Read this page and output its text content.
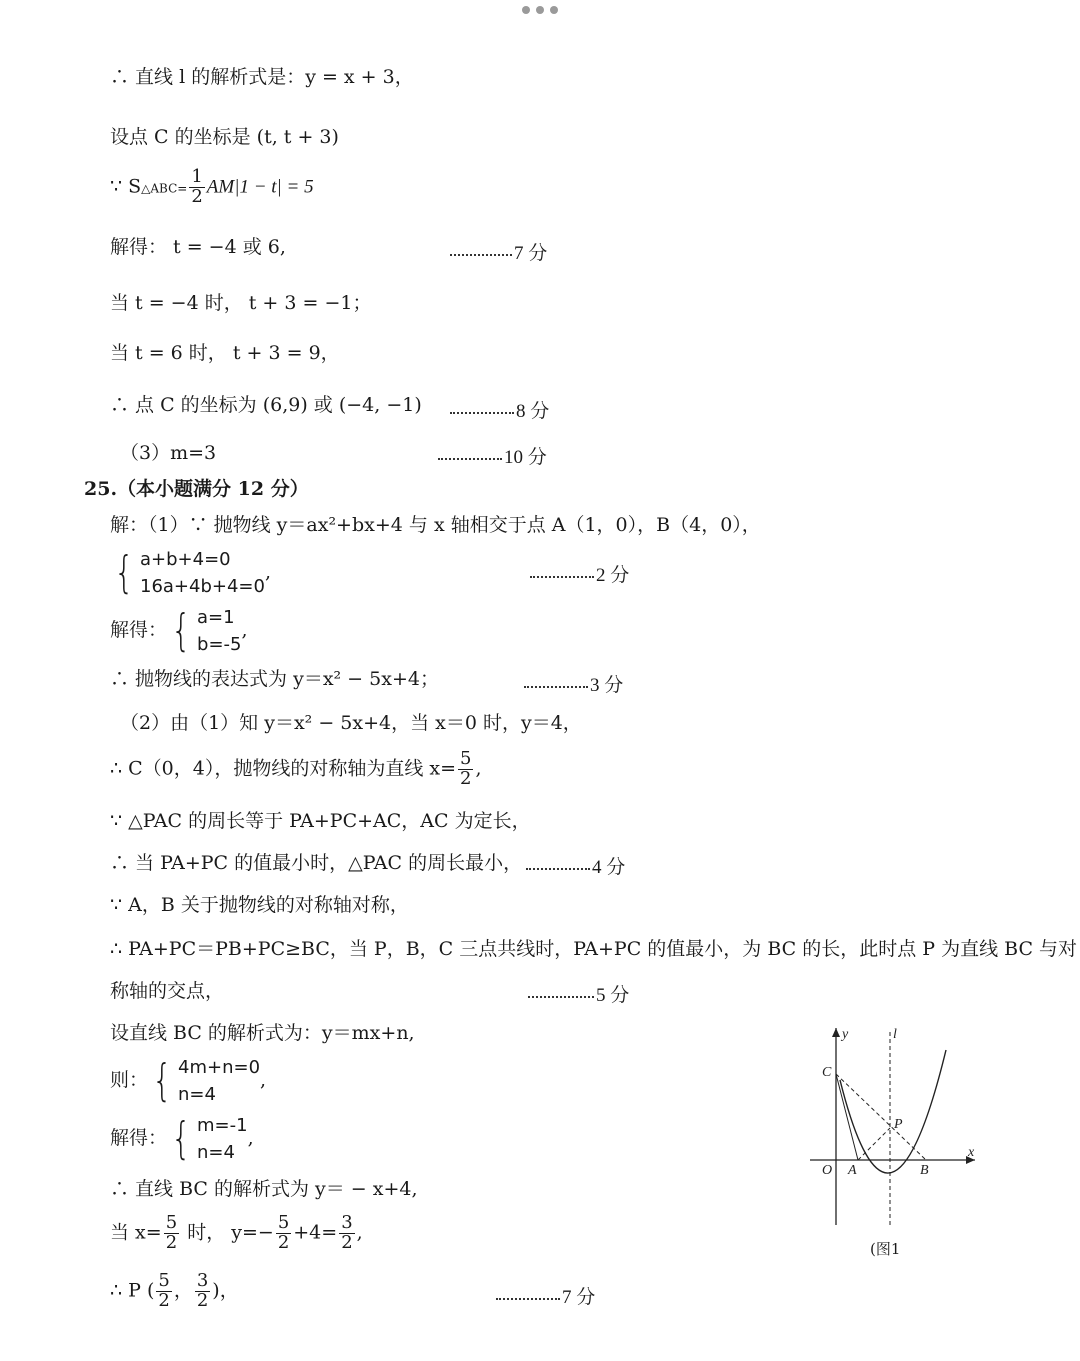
∴ 直线 l 的解析式是：y = x + 3，
设点 C 的坐标是 (t, t + 3)
∵ S△ABC= $\frac{1}{2} AM|1 - t| = 5$
解得： t = −4 或 6,
当 t = −4 时， t + 3 = −1；
当 t = 6 时， t + 3 = 9，
∴ 点 C 的坐标为 (6,9) 或 (−4, −1)
（3）m=3
25.（本小题满分 12 分）
解：（1）∵ 抛物线 y＝ax²+bx+4 与 x 轴相交于点 A（1，0），B（4，0），
{ a+b+4=0
16a+4b+4=0
,
解得： { a=1
b=-5
,
∴ 抛物线的表达式为 y＝x² − 5x+4；
（2）由（1）知 y＝x² − 5x+4，当 x＝0 时，y＝4，
∴ C（0，4），抛物线的对称轴为直线 $x= \frac{5}{2}$ ,
∵ △PAC 的周长等于 PA+PC+AC，AC 为定长，
∴ 当 PA+PC 的值最小时，△PAC 的周长最小，
∵ A，B 关于抛物线的对称轴对称，
∴ PA+PC＝PB+PC≥BC，当 P，B，C 三点共线时，PA+PC 的值最小，为 BC 的长，此时点 P 为直线 BC 与对
称轴的交点，
设直线 BC 的解析式为：y＝mx+n,
则： { 4m+n=0
n=4
,
解得： { m=-1
n=4
,
∴ 直线 BC 的解析式为 y＝ − x+4,
当 $x= \frac{5}{2}$ 时， $y=- \frac{5}{2} +4= \frac{3}{2}$ ,
∴ P ( $\frac{5}{2}$ ， $\frac{3}{2}$ )，
7 分
8 分
10 分
2 分
3 分
4 分
5 分
7 分
y	l
x
C
P
O A	B
(图1
